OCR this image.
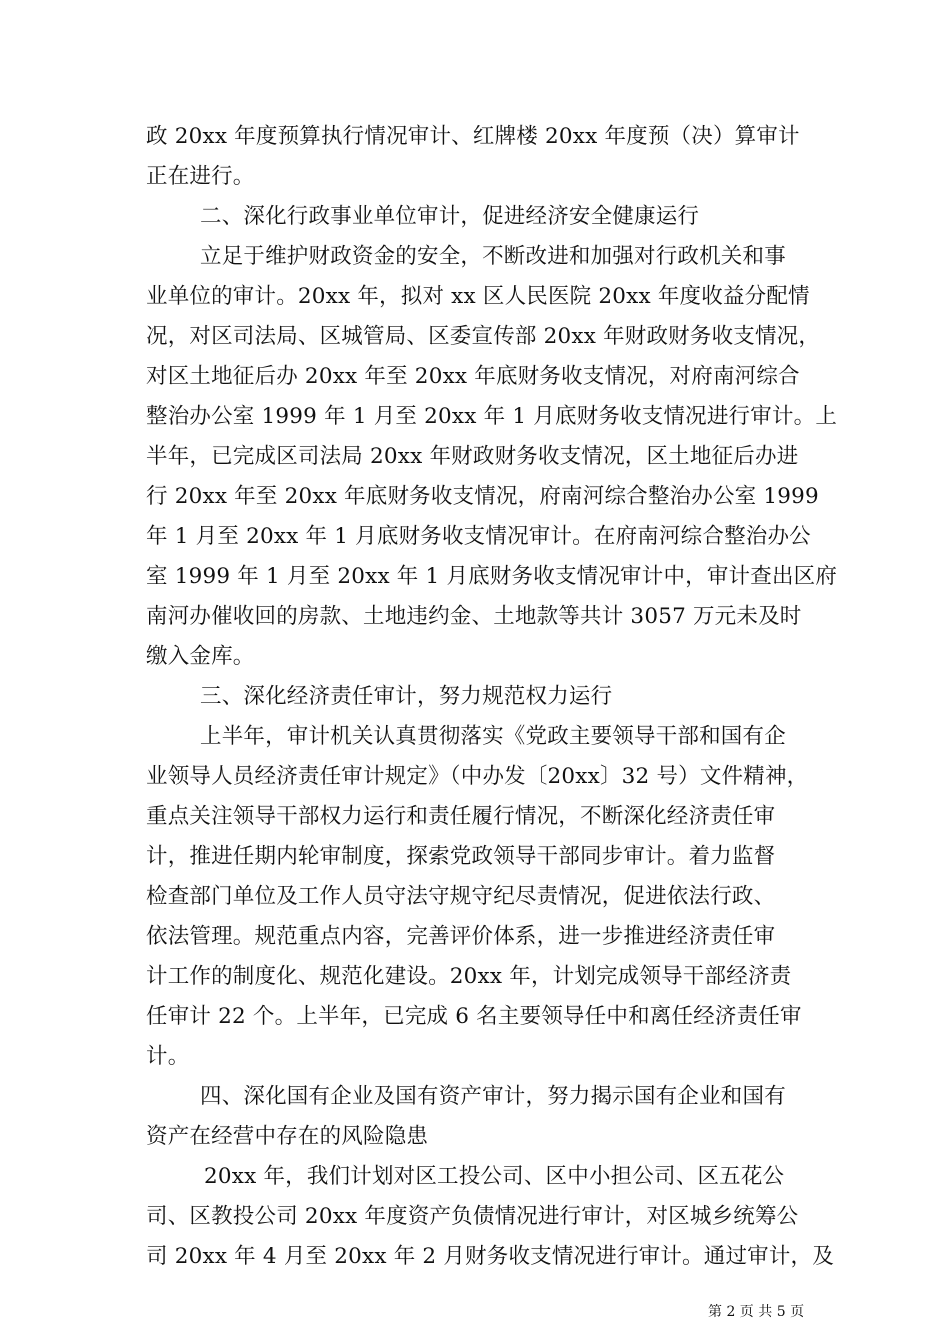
政 20xx 年度预算执行情况审计、红牌楼 20xx 年度预（决）算审计
正在进行。
二、深化行政事业单位审计，促进经济安全健康运行
立足于维护财政资金的安全，不断改进和加强对行政机关和事
业单位的审计。20xx 年，拟对 xx 区人民医院 20xx 年度收益分配情
况，对区司法局、区城管局、区委宣传部 20xx 年财政财务收支情况，
对区土地征后办 20xx 年至 20xx 年底财务收支情况，对府南河综合
整治办公室 1999 年 1 月至 20xx 年 1 月底财务收支情况进行审计。上
半年，已完成区司法局 20xx 年财政财务收支情况，区土地征后办进
行 20xx 年至 20xx 年底财务收支情况，府南河综合整治办公室 1999
年 1 月至 20xx 年 1 月底财务收支情况审计。在府南河综合整治办公
室 1999 年 1 月至 20xx 年 1 月底财务收支情况审计中，审计查出区府
南河办催收回的房款、土地违约金、土地款等共计 3057 万元未及时
缴入金库。
三、深化经济责任审计，努力规范权力运行
上半年，审计机关认真贯彻落实《党政主要领导干部和国有企
业领导人员经济责任审计规定》（中办发〔20xx〕32 号）文件精神，
重点关注领导干部权力运行和责任履行情况，不断深化经济责任审
计，推进任期内轮审制度，探索党政领导干部同步审计。着力监督
检查部门单位及工作人员守法守规守纪尽责情况，促进依法行政、
依法管理。规范重点内容，完善评价体系，进一步推进经济责任审
计工作的制度化、规范化建设。20xx 年，计划完成领导干部经济责
任审计 22 个。上半年，已完成 6 名主要领导任中和离任经济责任审
计。
四、深化国有企业及国有资产审计，努力揭示国有企业和国有
资产在经营中存在的风险隐患
20xx 年，我们计划对区工投公司、区中小担公司、区五花公
司、区教投公司 20xx 年度资产负债情况进行审计，对区城乡统筹公
司 20xx 年 4 月至 20xx 年 2 月财务收支情况进行审计。通过审计，及
第 2 页 共 5 页
